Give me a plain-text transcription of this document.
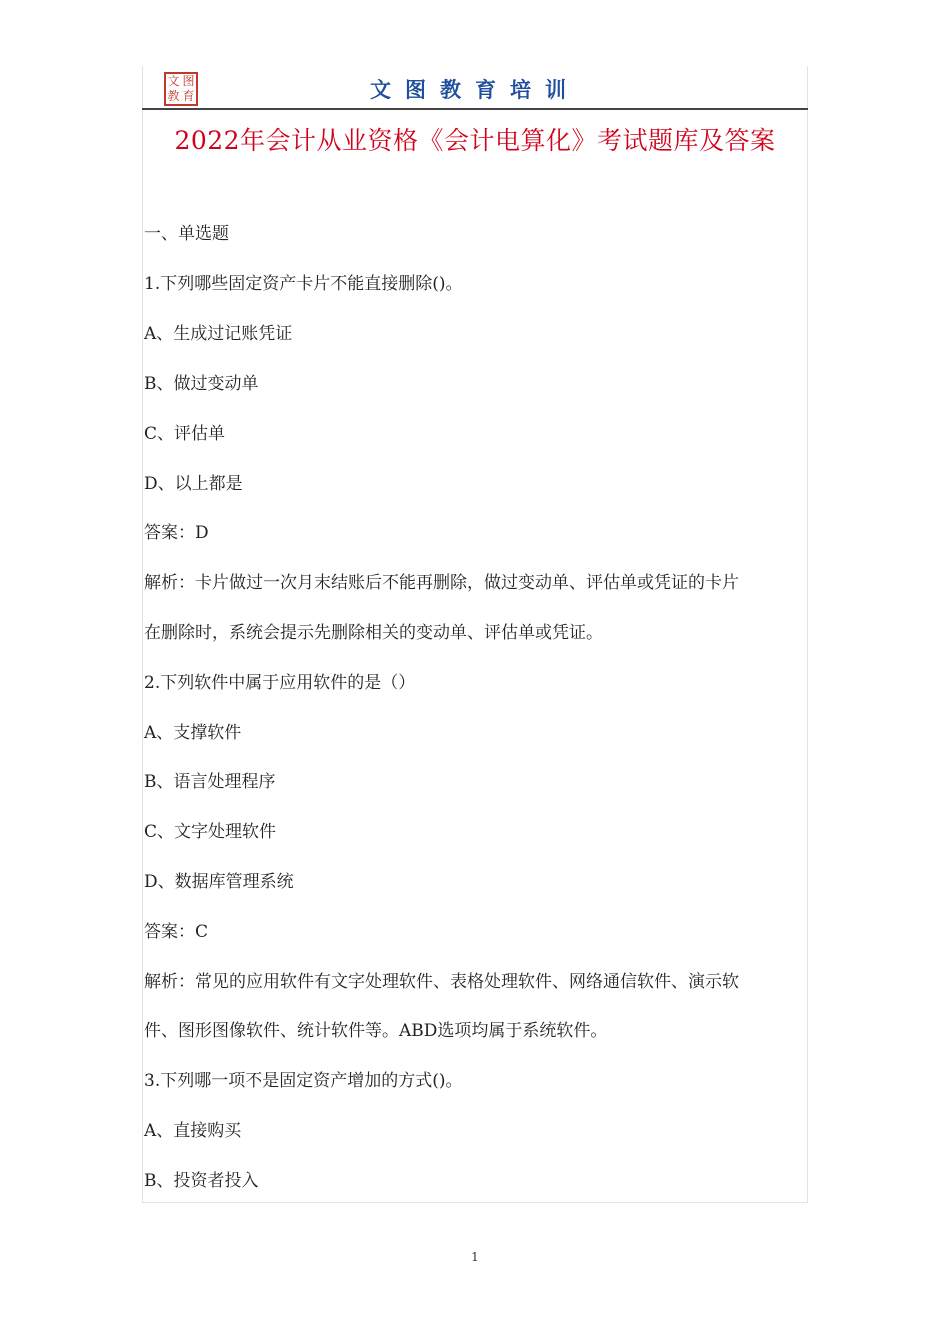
文 图
教 育	文图教育培训
2022年会计从业资格《会计电算化》考试题库及答案
一、单选题
1.下列哪些固定资产卡片不能直接删除()。
A、生成过记账凭证
B、做过变动单
C、评估单
D、以上都是
答案：D
解析：卡片做过一次月末结账后不能再删除，做过变动单、评估单或凭证的卡片
在删除时，系统会提示先删除相关的变动单、评估单或凭证。
2.下列软件中属于应用软件的是（）
A、支撑软件
B、语言处理程序
C、文字处理软件
D、数据库管理系统
答案：C
解析：常见的应用软件有文字处理软件、表格处理软件、网络通信软件、演示软
件、图形图像软件、统计软件等。ABD选项均属于系统软件。
3.下列哪一项不是固定资产增加的方式()。
A、直接购买
B、投资者投入
1
